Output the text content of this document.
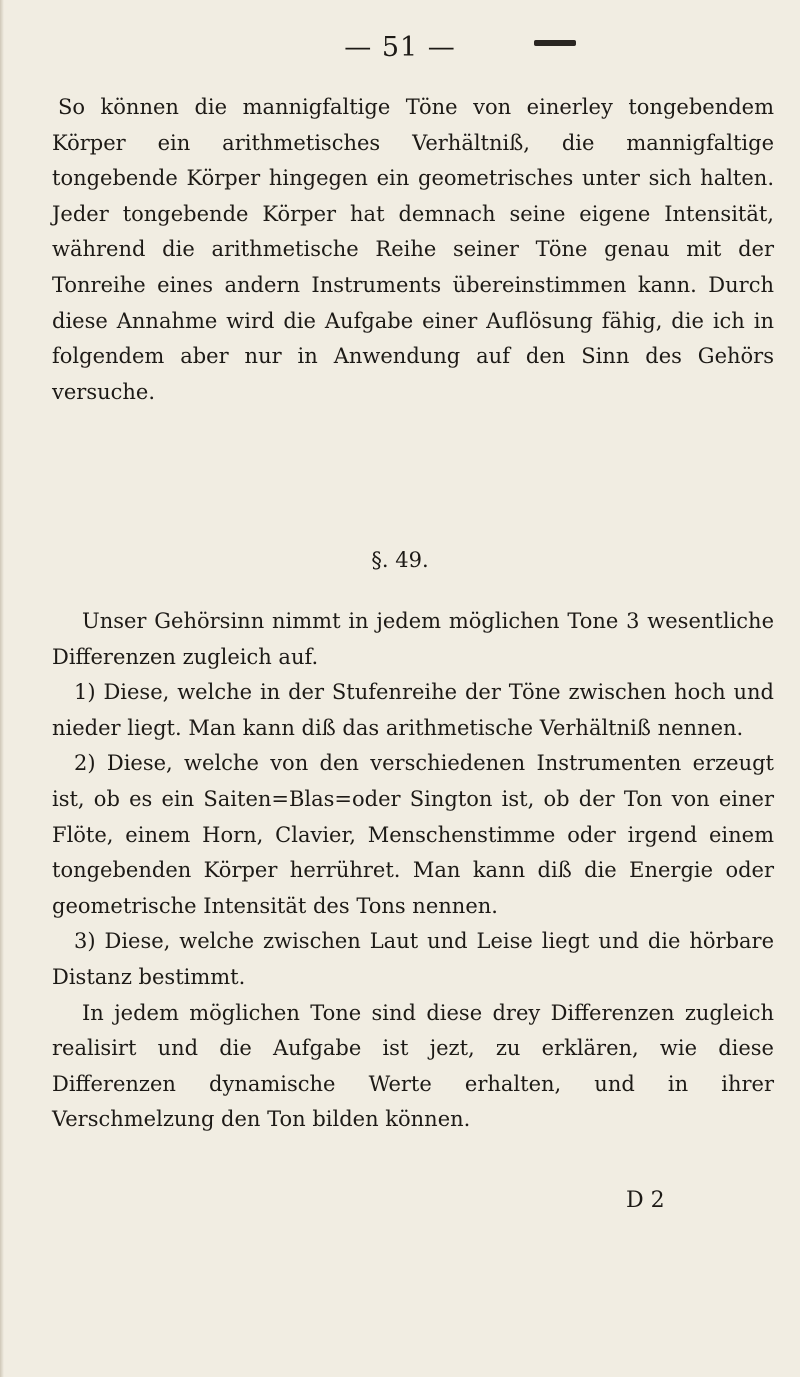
— 51 —

So können die mannigfaltige Töne von einerley tongebendem Körper ein arithmetisches Verhältniß, die mannigfaltige tongebende Körper hingegen ein geometrisches unter sich halten. Jeder tongebende Körper hat demnach seine eigene Intensität, während die arithmetische Reihe seiner Töne genau mit der Tonreihe eines andern Instruments übereinstimmen kann. Durch diese Annahme wird die Aufgabe einer Auflösung fähig, die ich in folgendem aber nur in Anwendung auf den Sinn des Gehörs versuche.

§. 49.

Unser Gehörsinn nimmt in jedem möglichen Tone 3 wesentliche Differenzen zugleich auf.

1) Diese, welche in der Stufenreihe der Töne zwischen hoch und nieder liegt. Man kann diß das arithmetische Verhältniß nennen.

2) Diese, welche von den verschiedenen Instrumenten erzeugt ist, ob es ein Saiten=Blas=oder Sington ist, ob der Ton von einer Flöte, einem Horn, Clavier, Menschenstimme oder irgend einem tongebenden Körper herrühret. Man kann diß die Energie oder geometrische Intensität des Tons nennen.

3) Diese, welche zwischen Laut und Leise liegt und die hörbare Distanz bestimmt.

In jedem möglichen Tone sind diese drey Differenzen zugleich realisirt und die Aufgabe ist jezt, zu erklären, wie diese Differenzen dynamische Werte erhalten, und in ihrer Verschmelzung den Ton bilden können.

D 2
